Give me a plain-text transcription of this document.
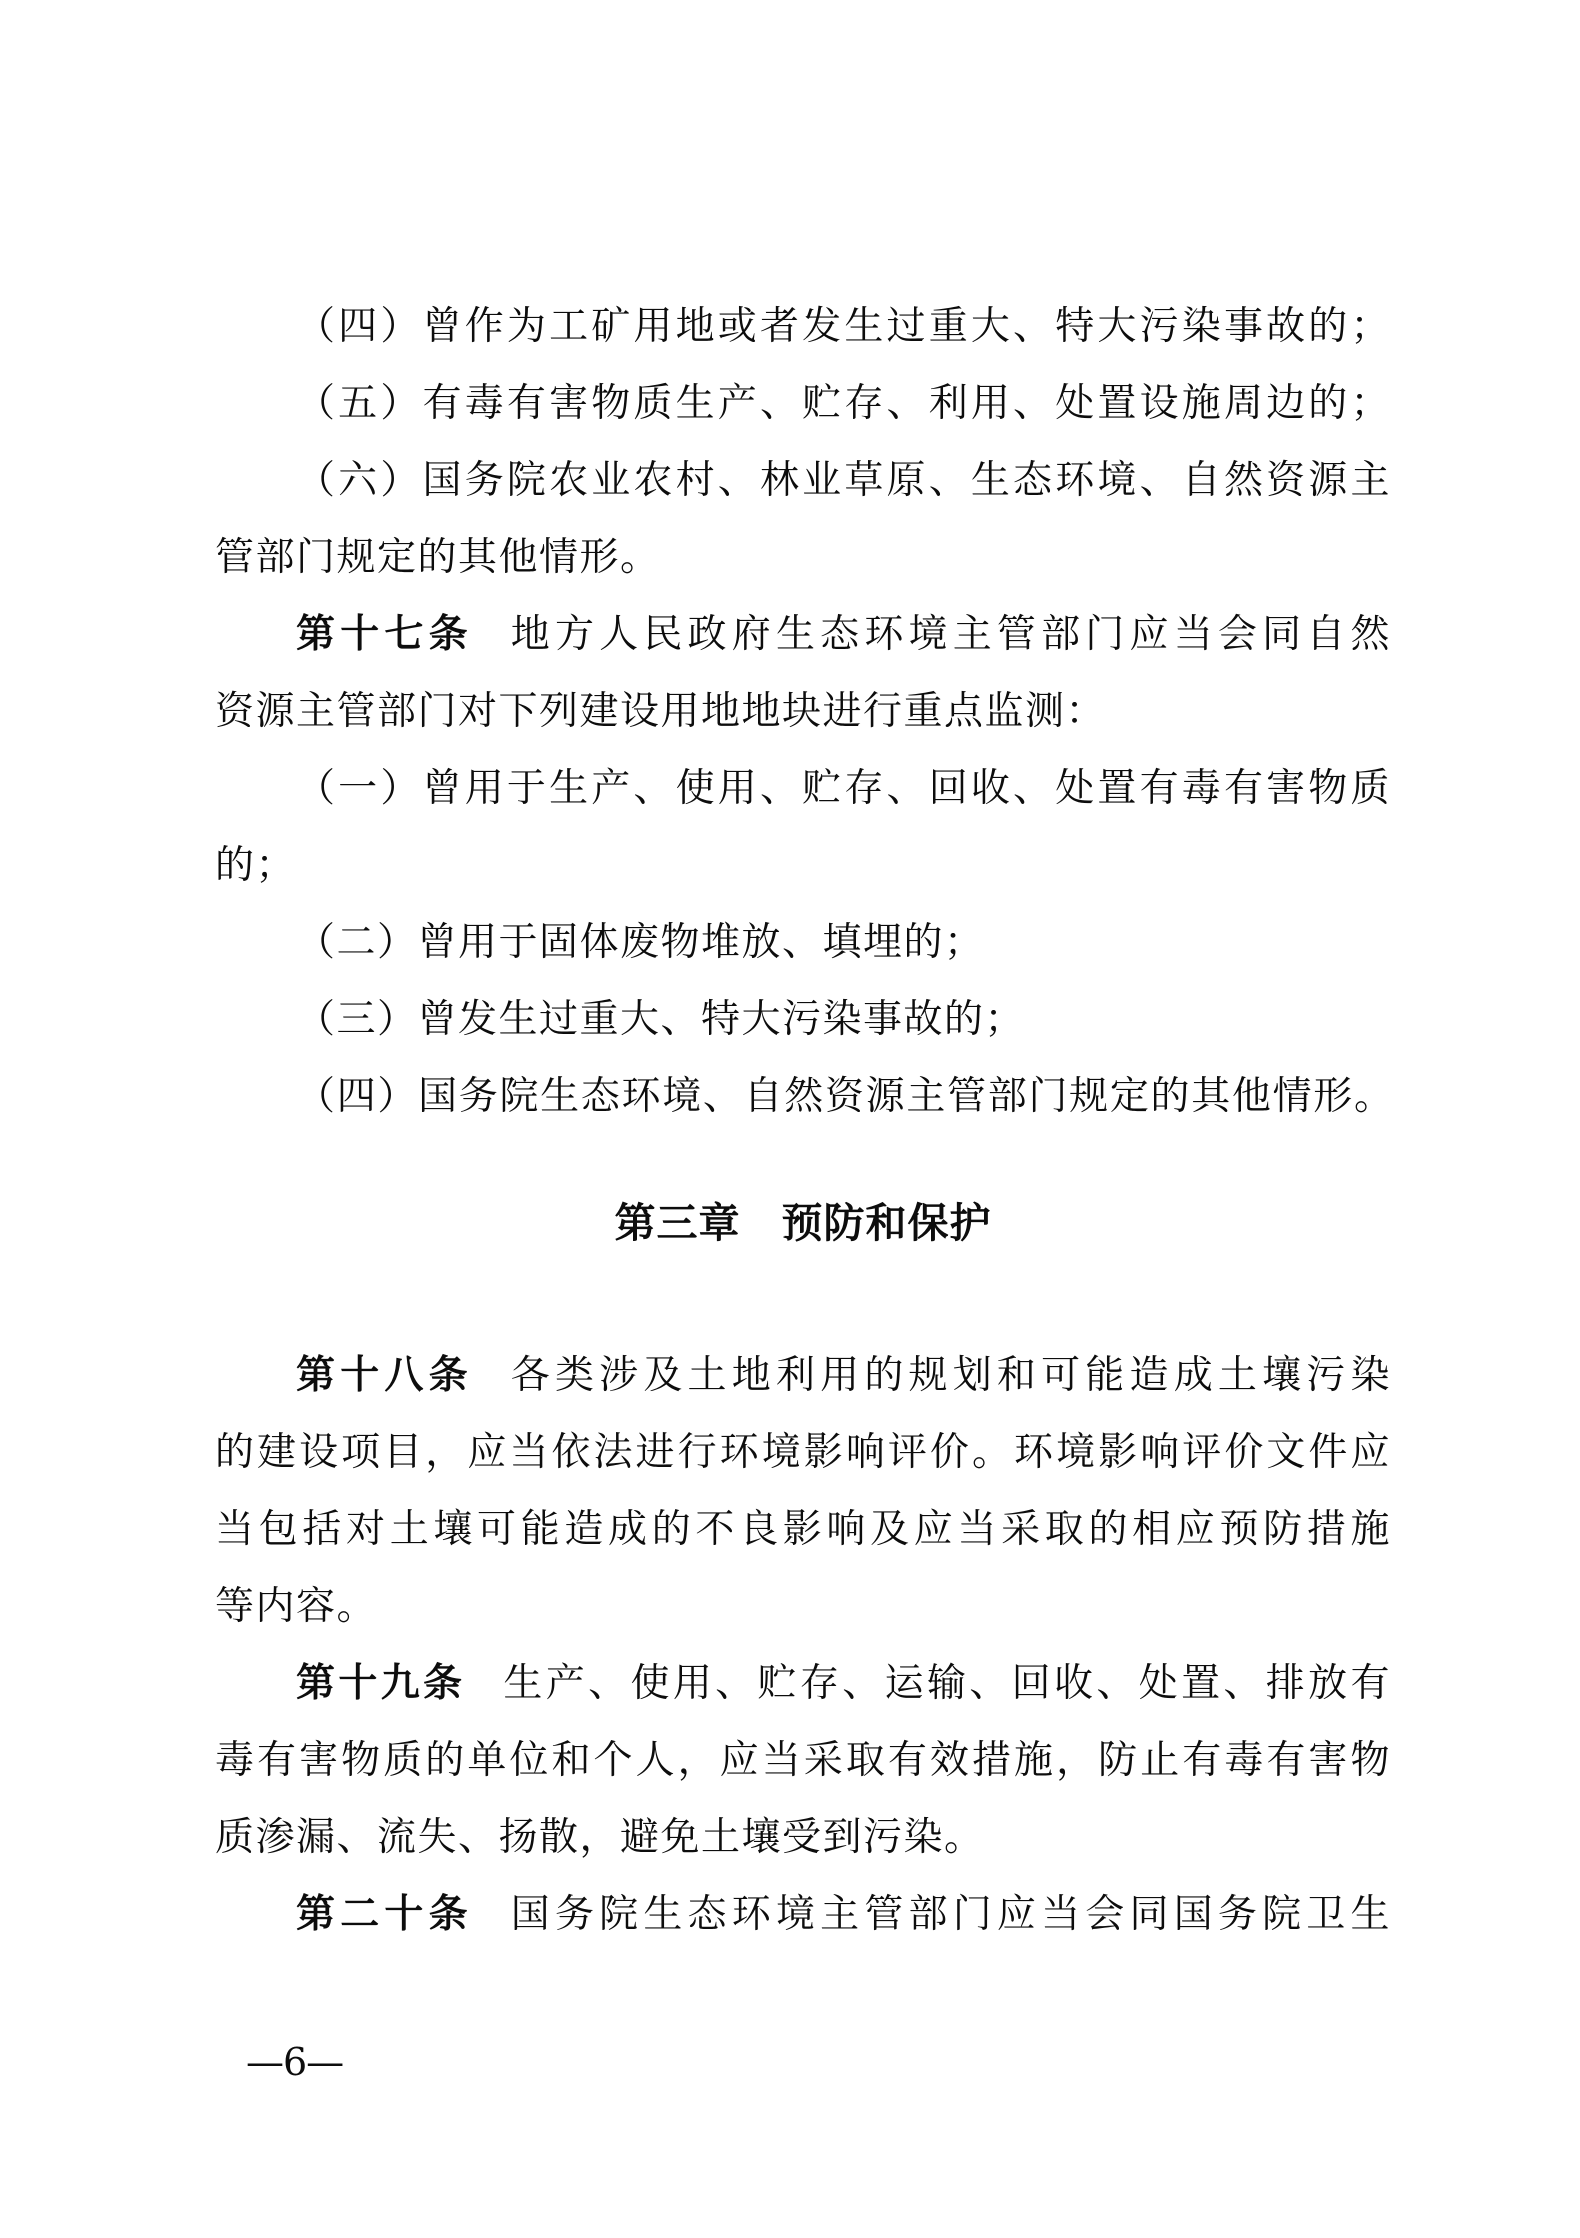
（四）曾作为工矿用地或者发生过重大、特大污染事故的；
（五）有毒有害物质生产、贮存、利用、处置设施周边的；
（六）国务院农业农村、林业草原、生态环境、自然资源主
管部门规定的其他情形。
第十七条 地方人民政府生态环境主管部门应当会同自然
资源主管部门对下列建设用地地块进行重点监测：
（一）曾用于生产、使用、贮存、回收、处置有毒有害物质
的；
（二）曾用于固体废物堆放、填埋的；
（三）曾发生过重大、特大污染事故的；
（四）国务院生态环境、自然资源主管部门规定的其他情形。
第三章 预防和保护
第十八条 各类涉及土地利用的规划和可能造成土壤污染
的建设项目，应当依法进行环境影响评价。环境影响评价文件应
当包括对土壤可能造成的不良影响及应当采取的相应预防措施
等内容。
第十九条 生产、使用、贮存、运输、回收、处置、排放有
毒有害物质的单位和个人，应当采取有效措施，防止有毒有害物
质渗漏、流失、扬散，避免土壤受到污染。
第二十条 国务院生态环境主管部门应当会同国务院卫生
—6—
